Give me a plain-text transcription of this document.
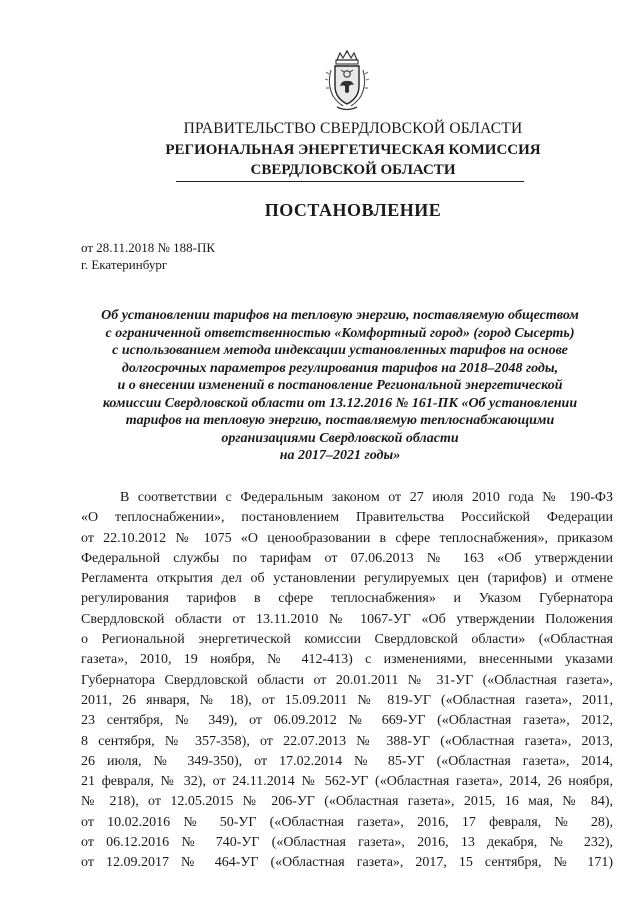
ПРАВИТЕЛЬСТВО СВЕРДЛОВСКОЙ ОБЛАСТИ
РЕГИОНАЛЬНАЯ ЭНЕРГЕТИЧЕСКАЯ КОМИССИЯ
СВЕРДЛОВСКОЙ ОБЛАСТИ
ПОСТАНОВЛЕНИЕ
от 28.11.2018 № 188-ПК
г. Екатеринбург
Об установлении тарифов на тепловую энергию, поставляемую обществом
с ограниченной ответственностью «Комфортный город» (город Сысерть)
с использованием метода индексации установленных тарифов на основе
долгосрочных параметров регулирования тарифов на 2018–2048 годы,
и о внесении изменений в постановление Региональной энергетической
комиссии Свердловской области от 13.12.2016 № 161-ПК «Об установлении
тарифов на тепловую энергию, поставляемую теплоснабжающими
организациями Свердловской области
на 2017–2021 годы»
В соответствии с Федеральным законом от 27 июля 2010 года № 190-ФЗ
«О теплоснабжении», постановлением Правительства Российской Федерации
от 22.10.2012 № 1075 «О ценообразовании в сфере теплоснабжения», приказом
Федеральной службы по тарифам от 07.06.2013 № 163 «Об утверждении
Регламента открытия дел об установлении регулируемых цен (тарифов) и отмене
регулирования тарифов в сфере теплоснабжения» и Указом Губернатора
Свердловской области от 13.11.2010 № 1067-УГ «Об утверждении Положения
о Региональной энергетической комиссии Свердловской области» («Областная
газета», 2010, 19 ноября, № 412-413) с изменениями, внесенными указами
Губернатора Свердловской области от 20.01.2011 № 31-УГ («Областная газета»,
2011, 26 января, № 18), от 15.09.2011 № 819-УГ («Областная газета», 2011,
23 сентября, № 349), от 06.09.2012 № 669-УГ («Областная газета», 2012,
8 сентября, № 357-358), от 22.07.2013 № 388-УГ («Областная газета», 2013,
26 июля, № 349-350), от 17.02.2014 № 85-УГ («Областная газета», 2014,
21 февраля, № 32), от 24.11.2014 № 562-УГ («Областная газета», 2014, 26 ноября,
№ 218), от 12.05.2015 № 206-УГ («Областная газета», 2015, 16 мая, № 84),
от 10.02.2016 № 50-УГ («Областная газета», 2016, 17 февраля, № 28),
от 06.12.2016 № 740-УГ («Областная газета», 2016, 13 декабря, № 232),
от 12.09.2017 № 464-УГ («Областная газета», 2017, 15 сентября, № 171)
